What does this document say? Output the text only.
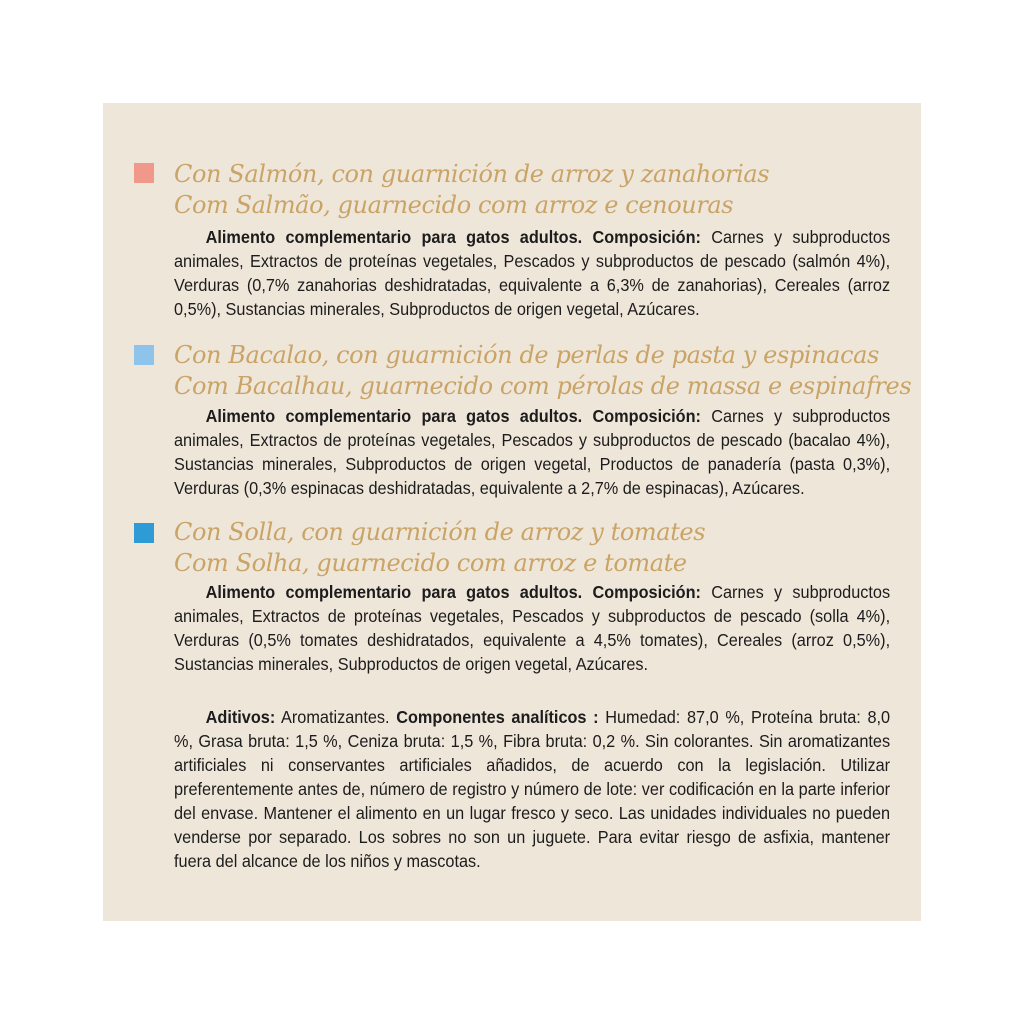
Con Salmón, con guarnición de arroz y zanahorias
Com Salmão, guarnecido com arroz e cenouras
Alimento complementario para gatos adultos. Composición: Carnes y subproductos animales, Extractos de proteínas vegetales, Pescados y subproductos de pescado (salmón 4%), Verduras (0,7% zanahorias deshidratadas, equivalente a 6,3% de zanahorias), Cereales (arroz 0,5%), Sustancias minerales, Subproductos de origen vegetal, Azúcares.
Con Bacalao, con guarnición de perlas de pasta y espinacas
Com Bacalhau, guarnecido com pérolas de massa e espinafres
Alimento complementario para gatos adultos. Composición: Carnes y subproductos animales, Extractos de proteínas vegetales, Pescados y subproductos de pescado (bacalao 4%), Sustancias minerales, Subproductos de origen vegetal, Productos de panadería (pasta 0,3%), Verduras (0,3% espinacas deshidratadas, equivalente a 2,7% de espinacas), Azúcares.
Con Solla, con guarnición de arroz y tomates
Com Solha, guarnecido com arroz e tomate
Alimento complementario para gatos adultos. Composición: Carnes y subproductos animales, Extractos de proteínas vegetales, Pescados y subproductos de pescado (solla 4%), Verduras (0,5% tomates deshidratados, equivalente a 4,5% tomates), Cereales (arroz 0,5%), Sustancias minerales, Subproductos de origen vegetal, Azúcares.
Aditivos: Aromatizantes. Componentes analíticos : Humedad: 87,0 %, Proteína bruta: 8,0 %, Grasa bruta: 1,5 %, Ceniza bruta: 1,5 %, Fibra bruta: 0,2 %. Sin colorantes. Sin aromatizantes artificiales ni conservantes artificiales añadidos, de acuerdo con la legislación. Utilizar preferentemente antes de, número de registro y número de lote: ver codificación en la parte inferior del envase. Mantener el alimento en un lugar fresco y seco. Las unidades individuales no pueden venderse por separado. Los sobres no son un juguete. Para evitar riesgo de asfixia, mantener fuera del alcance de los niños y mascotas.
